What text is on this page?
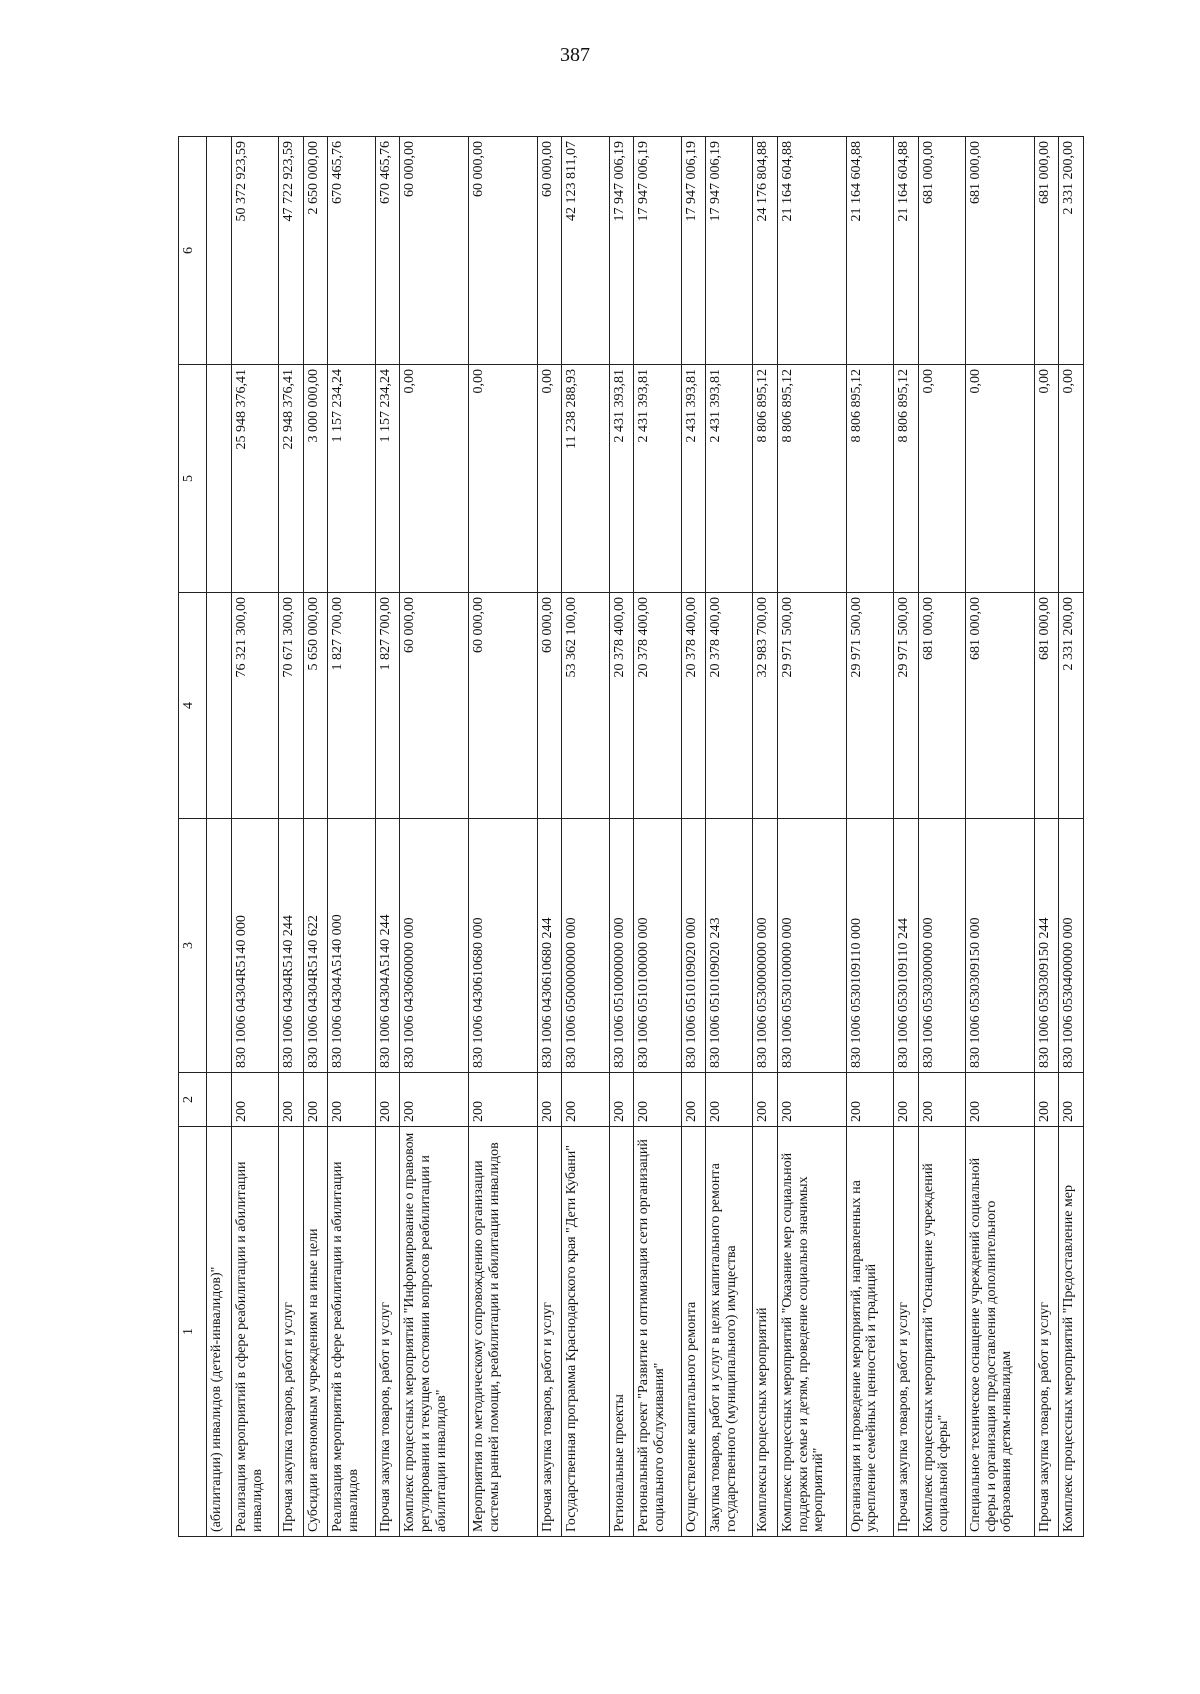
387
1	2	3	4	5	6
(абилитации) инвалидов (детей-инвалидов)"					
Реализация мероприятий в сфере реабилитации и абилитации инвалидов	200	830 1006 04304R5140 000	76 321 300,00	25 948 376,41	50 372 923,59
Прочая закупка товаров, работ и услуг	200	830 1006 04304R5140 244	70 671 300,00	22 948 376,41	47 722 923,59
Субсидии автономным учреждениям на иные цели	200	830 1006 04304R5140 622	5 650 000,00	3 000 000,00	2 650 000,00
Реализация мероприятий в сфере реабилитации и абилитации инвалидов	200	830 1006 04304A5140 000	1 827 700,00	1 157 234,24	670 465,76
Прочая закупка товаров, работ и услуг	200	830 1006 04304A5140 244	1 827 700,00	1 157 234,24	670 465,76
Комплекс процессных мероприятий "Информирование о правовом регулировании и текущем состоянии вопросов реабилитации и абилитации инвалидов"	200	830 1006 0430600000 000	60 000,00	0,00	60 000,00
Мероприятия по методическому сопровождению организации системы ранней помощи, реабилитации и абилитации инвалидов	200	830 1006 0430610680 000	60 000,00	0,00	60 000,00
Прочая закупка товаров, работ и услуг	200	830 1006 0430610680 244	60 000,00	0,00	60 000,00
Государственная программа Краснодарского края "Дети Кубани"	200	830 1006 0500000000 000	53 362 100,00	11 238 288,93	42 123 811,07
Региональные проекты	200	830 1006 0510000000 000	20 378 400,00	2 431 393,81	17 947 006,19
Региональный проект "Развитие и оптимизация сети организаций социального обслуживания"	200	830 1006 0510100000 000	20 378 400,00	2 431 393,81	17 947 006,19
Осуществление капитального ремонта	200	830 1006 0510109020 000	20 378 400,00	2 431 393,81	17 947 006,19
Закупка товаров, работ и услуг в целях капитального ремонта государственного (муниципального) имущества	200	830 1006 0510109020 243	20 378 400,00	2 431 393,81	17 947 006,19
Комплексы процессных мероприятий	200	830 1006 0530000000 000	32 983 700,00	8 806 895,12	24 176 804,88
Комплекс процессных мероприятий "Оказание мер социальной поддержки семье и детям, проведение социально значимых мероприятий"	200	830 1006 0530100000 000	29 971 500,00	8 806 895,12	21 164 604,88
Организация и проведение мероприятий, направленных на укрепление семейных ценностей и традиций	200	830 1006 0530109110 000	29 971 500,00	8 806 895,12	21 164 604,88
Прочая закупка товаров, работ и услуг	200	830 1006 0530109110 244	29 971 500,00	8 806 895,12	21 164 604,88
Комплекс процессных мероприятий "Оснащение учреждений социальной сферы"	200	830 1006 0530300000 000	681 000,00	0,00	681 000,00
Специальное техническое оснащение учреждений социальной сферы и организация предоставления дополнительного образования детям-инвалидам	200	830 1006 0530309150 000	681 000,00	0,00	681 000,00
Прочая закупка товаров, работ и услуг	200	830 1006 0530309150 244	681 000,00	0,00	681 000,00
Комплекс процессных мероприятий "Предоставление мер	200	830 1006 0530400000 000	2 331 200,00	0,00	2 331 200,00
